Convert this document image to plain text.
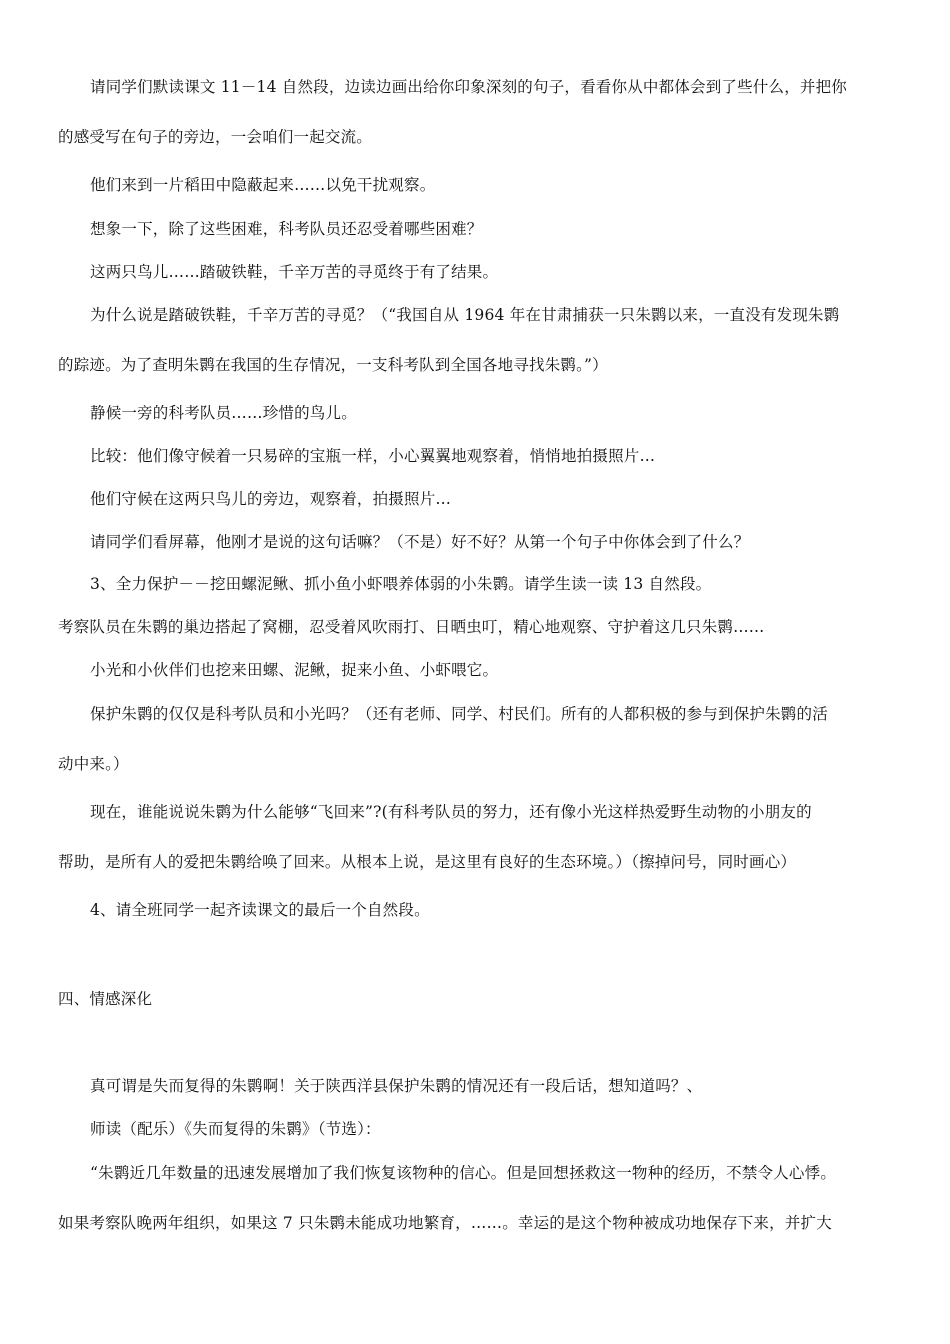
请同学们默读课文 11－14 自然段，边读边画出给你印象深刻的句子，看看你从中都体会到了些什么，并把你

的感受写在句子的旁边，一会咱们一起交流。

他们来到一片稻田中隐蔽起来……以免干扰观察。

想象一下，除了这些困难，科考队员还忍受着哪些困难？

这两只鸟儿……踏破铁鞋，千辛万苦的寻觅终于有了结果。

为什么说是踏破铁鞋，千辛万苦的寻觅？（“我国自从 1964 年在甘肃捕获一只朱鹮以来，一直没有发现朱鹮

的踪迹。为了查明朱鹮在我国的生存情况，一支科考队到全国各地寻找朱鹮。”）

静候一旁的科考队员……珍惜的鸟儿。

比较：他们像守候着一只易碎的宝瓶一样，小心翼翼地观察着，悄悄地拍摄照片…

他们守候在这两只鸟儿的旁边，观察着，拍摄照片…

请同学们看屏幕，他刚才是说的这句话嘛？（不是）好不好？从第一个句子中你体会到了什么？

3、全力保护－－挖田螺泥鳅、抓小鱼小虾喂养体弱的小朱鹮。请学生读一读 13 自然段。

考察队员在朱鹮的巢边搭起了窝棚，忍受着风吹雨打、日晒虫叮，精心地观察、守护着这几只朱鹮……

小光和小伙伴们也挖来田螺、泥鳅，捉来小鱼、小虾喂它。

保护朱鹮的仅仅是科考队员和小光吗？（还有老师、同学、村民们。所有的人都积极的参与到保护朱鹮的活

动中来。）

现在，谁能说说朱鹮为什么能够“飞回来”?(有科考队员的努力，还有像小光这样热爱野生动物的小朋友的

帮助，是所有人的爱把朱鹮给唤了回来。从根本上说，是这里有良好的生态环境。）（擦掉问号，同时画心）

4、请全班同学一起齐读课文的最后一个自然段。

四、情感深化

真可谓是失而复得的朱鹮啊！关于陕西洋县保护朱鹮的情况还有一段后话，想知道吗？、

师读（配乐）《失而复得的朱鹮》（节选）：

“朱鹮近几年数量的迅速发展增加了我们恢复该物种的信心。但是回想拯救这一物种的经历，不禁令人心悸。

如果考察队晚两年组织，如果这 7 只朱鹮未能成功地繁育，……。幸运的是这个物种被成功地保存下来，并扩大
